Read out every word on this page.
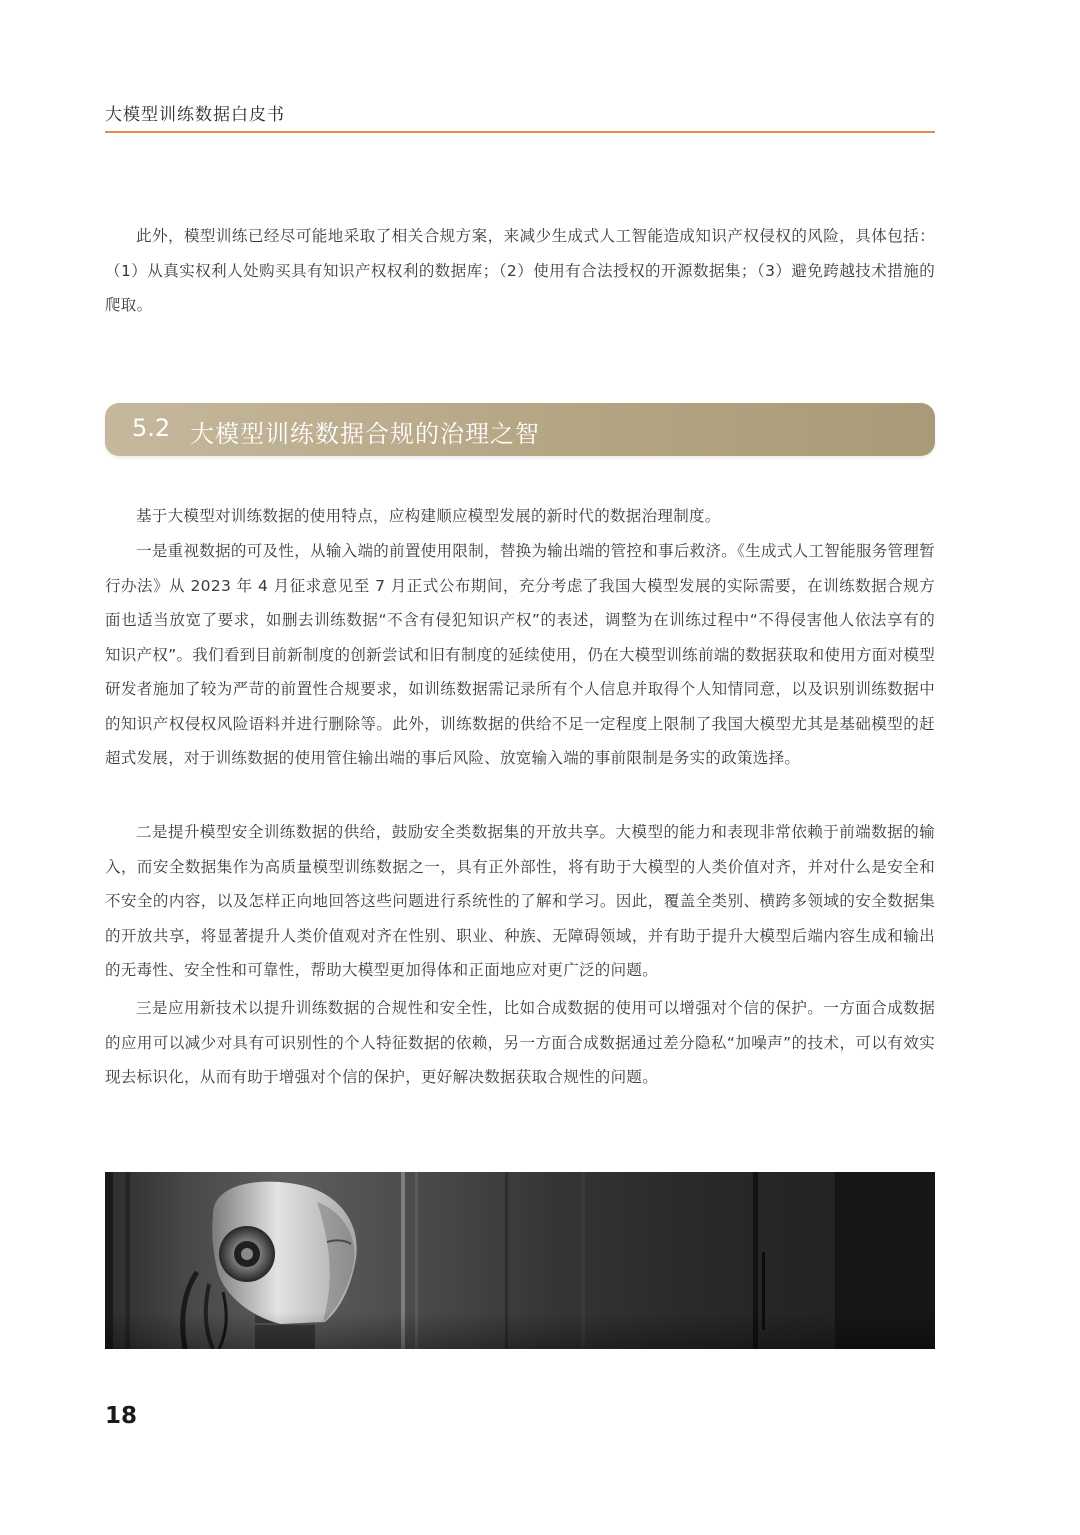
大模型训练数据白皮书

此外，模型训练已经尽可能地采取了相关合规方案，来减少生成式人工智能造成知识产权侵权的风险，具体包括：（1）从真实权利人处购买具有知识产权权利的数据库；（2）使用有合法授权的开源数据集；（3）避免跨越技术措施的爬取。

5.2 大模型训练数据合规的治理之智

基于大模型对训练数据的使用特点，应构建顺应模型发展的新时代的数据治理制度。

一是重视数据的可及性，从输入端的前置使用限制，替换为输出端的管控和事后救济。《生成式人工智能服务管理暂行办法》从 2023 年 4 月征求意见至 7 月正式公布期间，充分考虑了我国大模型发展的实际需要，在训练数据合规方面也适当放宽了要求，如删去训练数据“不含有侵犯知识产权”的表述，调整为在训练过程中“不得侵害他人依法享有的知识产权”。我们看到目前新制度的创新尝试和旧有制度的延续使用，仍在大模型训练前端的数据获取和使用方面对模型研发者施加了较为严苛的前置性合规要求，如训练数据需记录所有个人信息并取得个人知情同意，以及识别训练数据中的知识产权侵权风险语料并进行删除等。此外，训练数据的供给不足一定程度上限制了我国大模型尤其是基础模型的赶超式发展，对于训练数据的使用管住输出端的事后风险、放宽输入端的事前限制是务实的政策选择。

二是提升模型安全训练数据的供给，鼓励安全类数据集的开放共享。大模型的能力和表现非常依赖于前端数据的输入，而安全数据集作为高质量模型训练数据之一，具有正外部性，将有助于大模型的人类价值对齐，并对什么是安全和不安全的内容，以及怎样正向地回答这些问题进行系统性的了解和学习。因此，覆盖全类别、横跨多领域的安全数据集的开放共享，将显著提升人类价值观对齐在性别、职业、种族、无障碍领域，并有助于提升大模型后端内容生成和输出的无毒性、安全性和可靠性，帮助大模型更加得体和正面地应对更广泛的问题。

三是应用新技术以提升训练数据的合规性和安全性，比如合成数据的使用可以增强对个信的保护。一方面合成数据的应用可以减少对具有可识别性的个人特征数据的依赖，另一方面合成数据通过差分隐私“加噪声”的技术，可以有效实现去标识化，从而有助于增强对个信的保护，更好解决数据获取合规性的问题。

18
